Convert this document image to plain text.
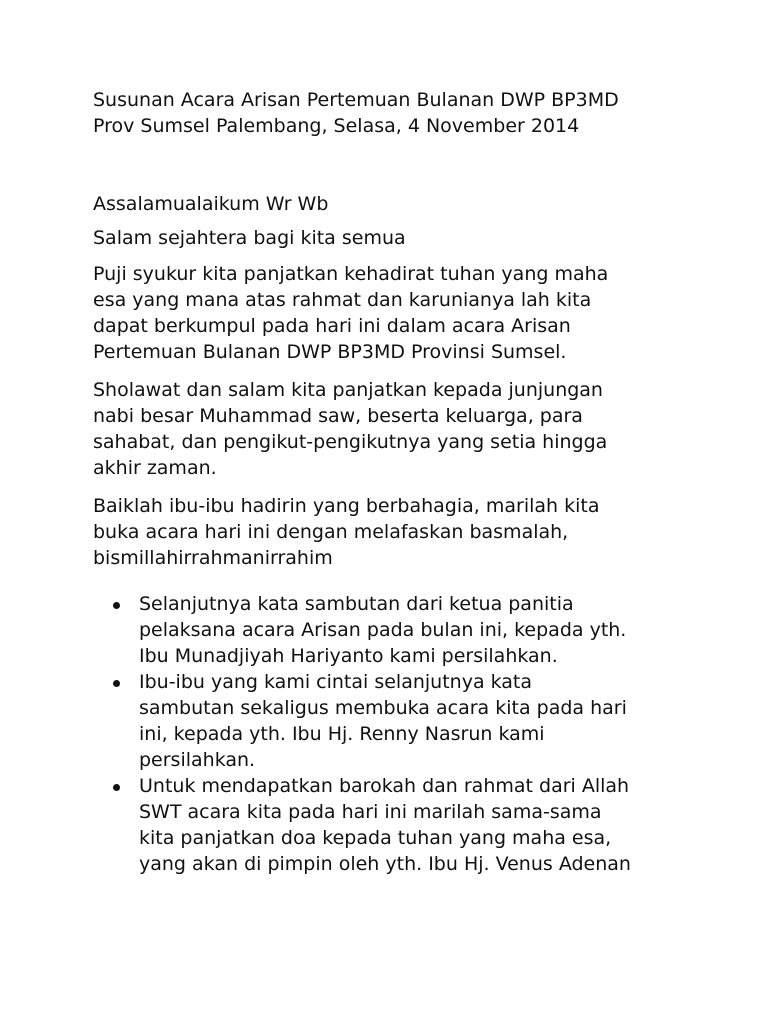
Susunan Acara Arisan Pertemuan Bulanan DWP BP3MD
Prov Sumsel Palembang, Selasa, 4 November 2014

Assalamualaikum Wr Wb

Salam sejahtera bagi kita semua

Puji syukur kita panjatkan kehadirat tuhan yang maha
esa yang mana atas rahmat dan karunianya lah kita
dapat berkumpul pada hari ini dalam acara Arisan
Pertemuan Bulanan DWP BP3MD Provinsi Sumsel.

Sholawat dan salam kita panjatkan kepada junjungan
nabi besar Muhammad saw, beserta keluarga, para
sahabat, dan pengikut-pengikutnya yang setia hingga
akhir zaman.

Baiklah ibu-ibu hadirin yang berbahagia, marilah kita
buka acara hari ini dengan melafaskan basmalah,
bismillahirrahmanirrahim

Selanjutnya kata sambutan dari ketua panitia
pelaksana acara Arisan pada bulan ini, kepada yth.
Ibu Munadjiyah Hariyanto kami persilahkan.
Ibu-ibu yang kami cintai selanjutnya kata
sambutan sekaligus membuka acara kita pada hari
ini, kepada yth. Ibu Hj. Renny Nasrun kami
persilahkan.
Untuk mendapatkan barokah dan rahmat dari Allah
SWT acara kita pada hari ini marilah sama-sama
kita panjatkan doa kepada tuhan yang maha esa,
yang akan di pimpin oleh yth. Ibu Hj. Venus Adenan
